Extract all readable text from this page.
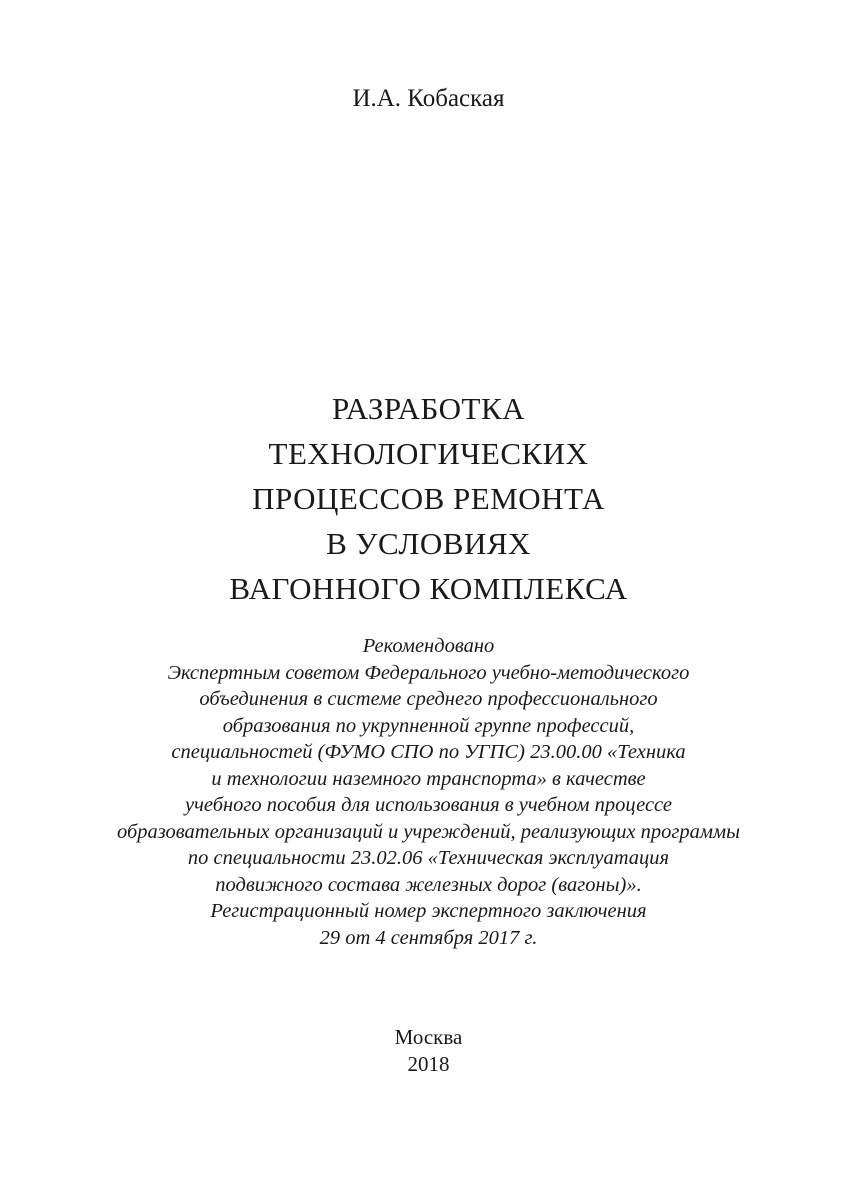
И.А. Кобаская
РАЗРАБОТКА
ТЕХНОЛОГИЧЕСКИХ
ПРОЦЕССОВ РЕМОНТА
В УСЛОВИЯХ
ВАГОННОГО КОМПЛЕКСА
Рекомендовано
Экспертным советом Федерального учебно-методического
объединения в системе среднего профессионального
образования по укрупненной группе профессий,
специальностей (ФУМО СПО по УГПС) 23.00.00 «Техника
и технологии наземного транспорта» в качестве
учебного пособия для использования в учебном процессе
образовательных организаций и учреждений, реализующих программы
по специальности 23.02.06 «Техническая эксплуатация
подвижного состава железных дорог (вагоны)».
Регистрационный номер экспертного заключения
29 от 4 сентября 2017 г.
Москва
2018
